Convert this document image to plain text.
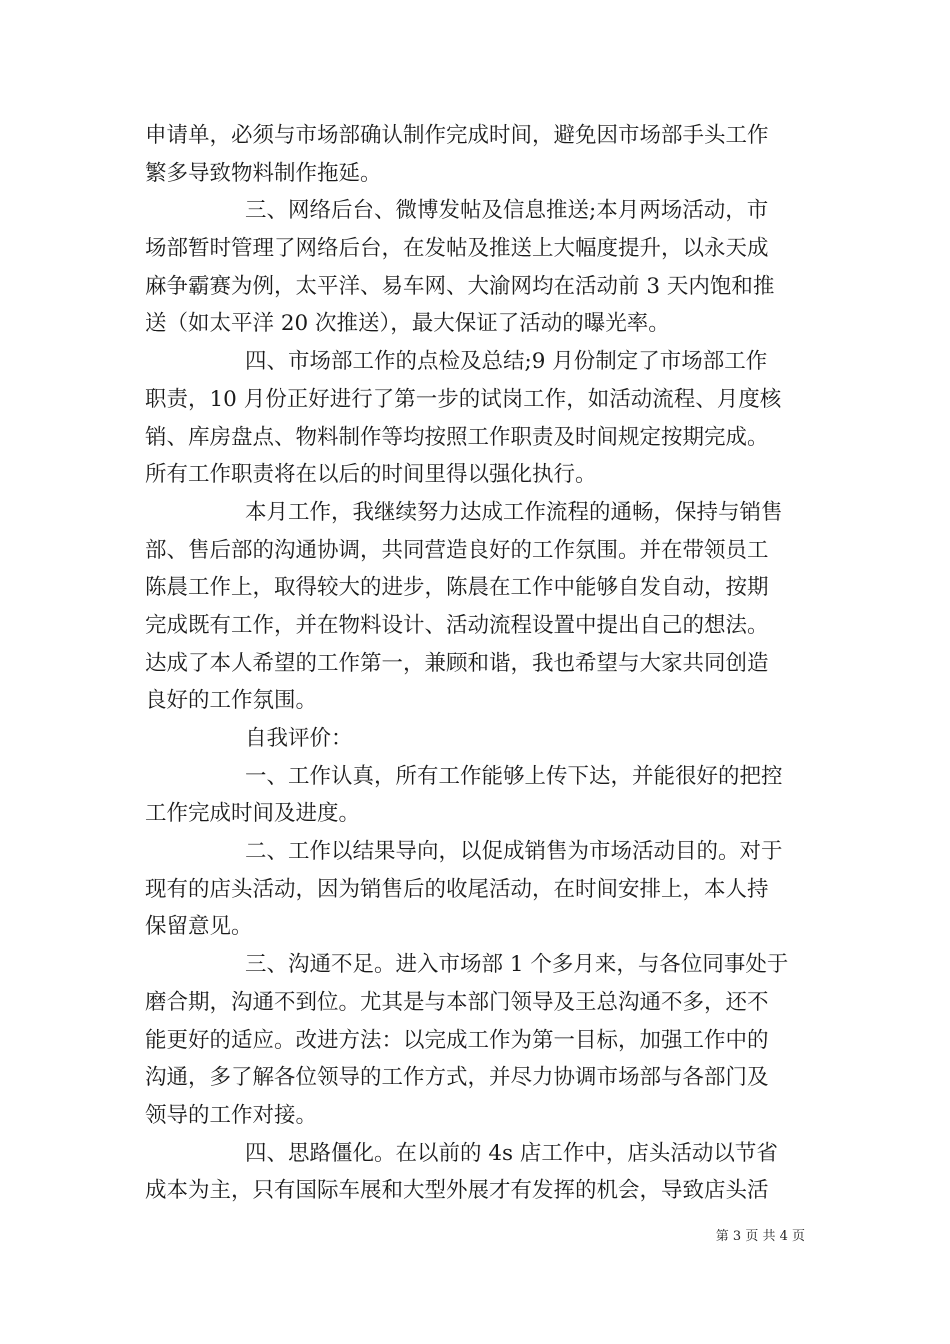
申请单，必须与市场部确认制作完成时间，避免因市场部手头工作
繁多导致物料制作拖延。
三、网络后台、微博发帖及信息推送;本月两场活动，市
场部暂时管理了网络后台，在发帖及推送上大幅度提升，以永天成
麻争霸赛为例，太平洋、易车网、大渝网均在活动前 3 天内饱和推
送（如太平洋 20 次推送），最大保证了活动的曝光率。
四、市场部工作的点检及总结;9 月份制定了市场部工作
职责，10 月份正好进行了第一步的试岗工作，如活动流程、月度核
销、库房盘点、物料制作等均按照工作职责及时间规定按期完成。
所有工作职责将在以后的时间里得以强化执行。
本月工作，我继续努力达成工作流程的通畅，保持与销售
部、售后部的沟通协调，共同营造良好的工作氛围。并在带领员工
陈晨工作上，取得较大的进步，陈晨在工作中能够自发自动，按期
完成既有工作，并在物料设计、活动流程设置中提出自己的想法。
达成了本人希望的工作第一，兼顾和谐，我也希望与大家共同创造
良好的工作氛围。
自我评价：
一、工作认真，所有工作能够上传下达，并能很好的把控
工作完成时间及进度。
二、工作以结果导向，以促成销售为市场活动目的。对于
现有的店头活动，因为销售后的收尾活动，在时间安排上，本人持
保留意见。
三、沟通不足。进入市场部 1 个多月来，与各位同事处于
磨合期，沟通不到位。尤其是与本部门领导及王总沟通不多，还不
能更好的适应。改进方法：以完成工作为第一目标，加强工作中的
沟通，多了解各位领导的工作方式，并尽力协调市场部与各部门及
领导的工作对接。
四、思路僵化。在以前的 4s 店工作中，店头活动以节省
成本为主，只有国际车展和大型外展才有发挥的机会，导致店头活
第 3 页 共 4 页
